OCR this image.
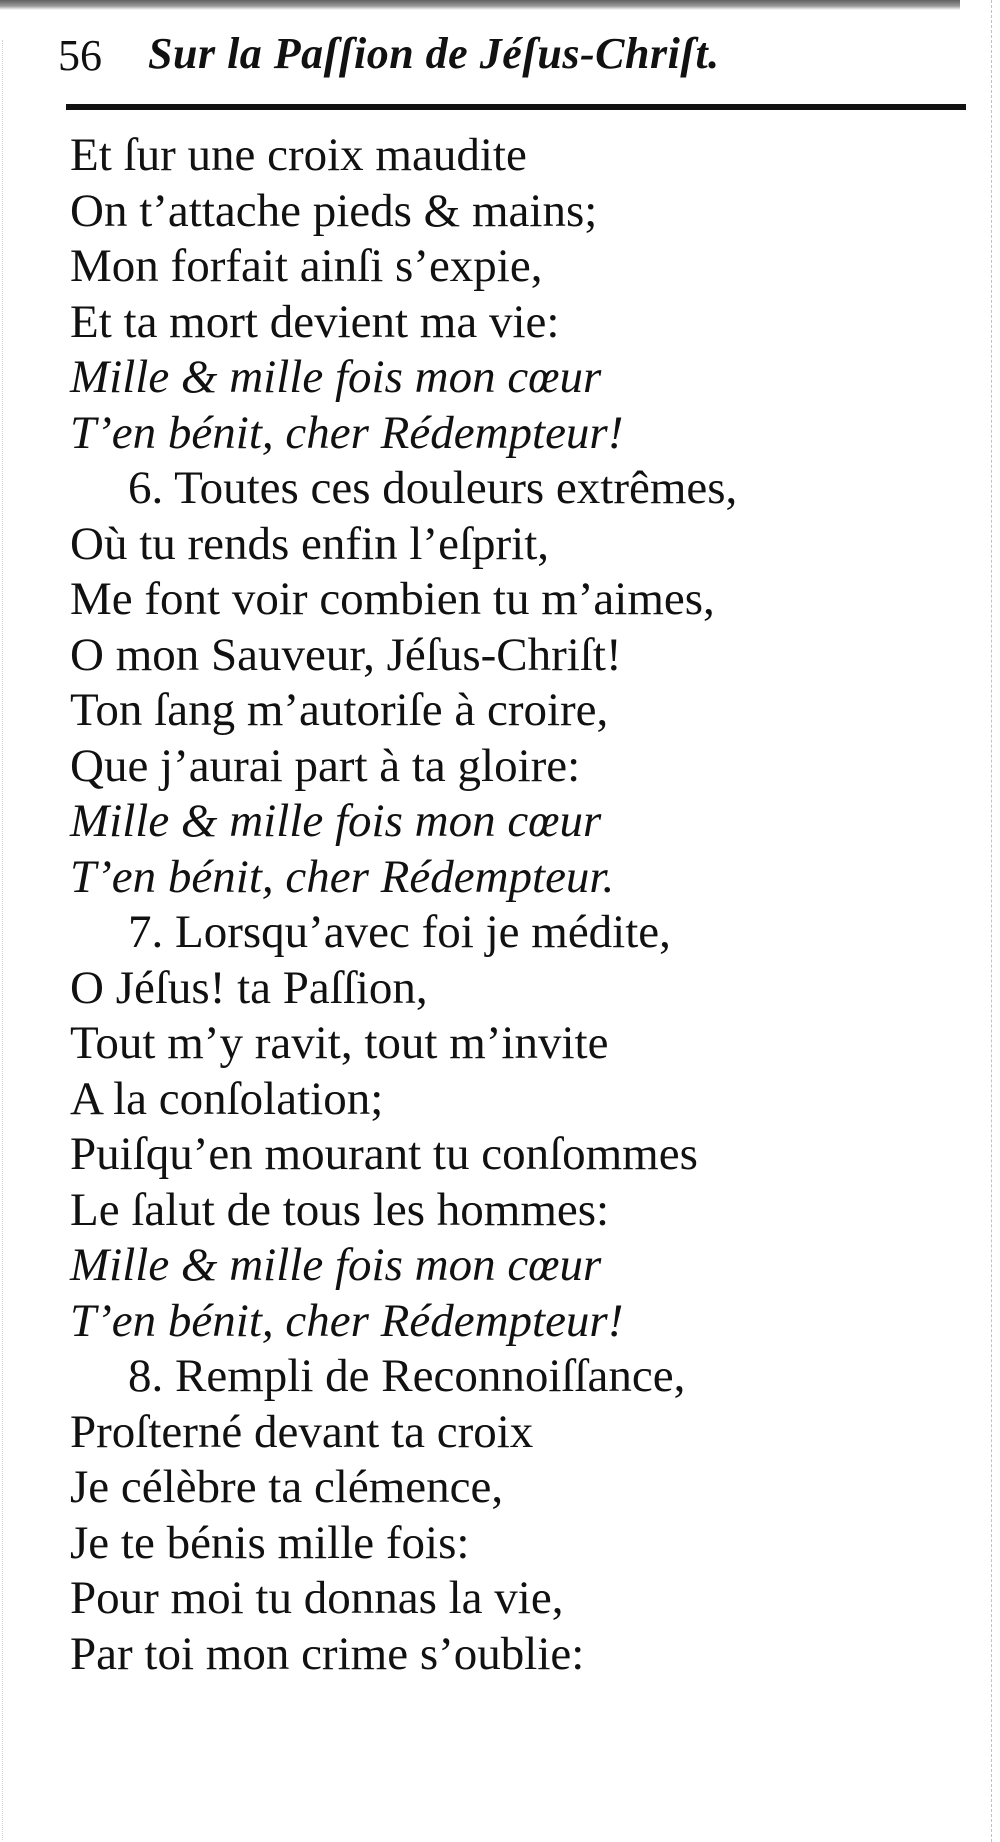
56 Sur la Paſſion de Jéſus-Chriſt.
Et ſur une croix maudite
On t’attache pieds & mains;
Mon forfait ainſi s’expie,
Et ta mort devient ma vie:
Mille & mille fois mon cœur
T’en bénit, cher Rédempteur!
6. Toutes ces douleurs extrêmes,
Où tu rends enfin l’eſprit,
Me font voir combien tu m’aimes,
O mon Sauveur, Jéſus-Chriſt!
Ton ſang m’autoriſe à croire,
Que j’aurai part à ta gloire:
Mille & mille fois mon cœur
T’en bénit, cher Rédempteur.
7. Lorsqu’avec foi je médite,
O Jéſus! ta Paſſion,
Tout m’y ravit, tout m’invite
A la conſolation;
Puiſqu’en mourant tu conſommes
Le ſalut de tous les hommes:
Mille & mille fois mon cœur
T’en bénit, cher Rédempteur!
8. Rempli de Reconnoiſſance,
Proſterné devant ta croix
Je célèbre ta clémence,
Je te bénis mille fois:
Pour moi tu donnas la vie,
Par toi mon crime s’oublie:
